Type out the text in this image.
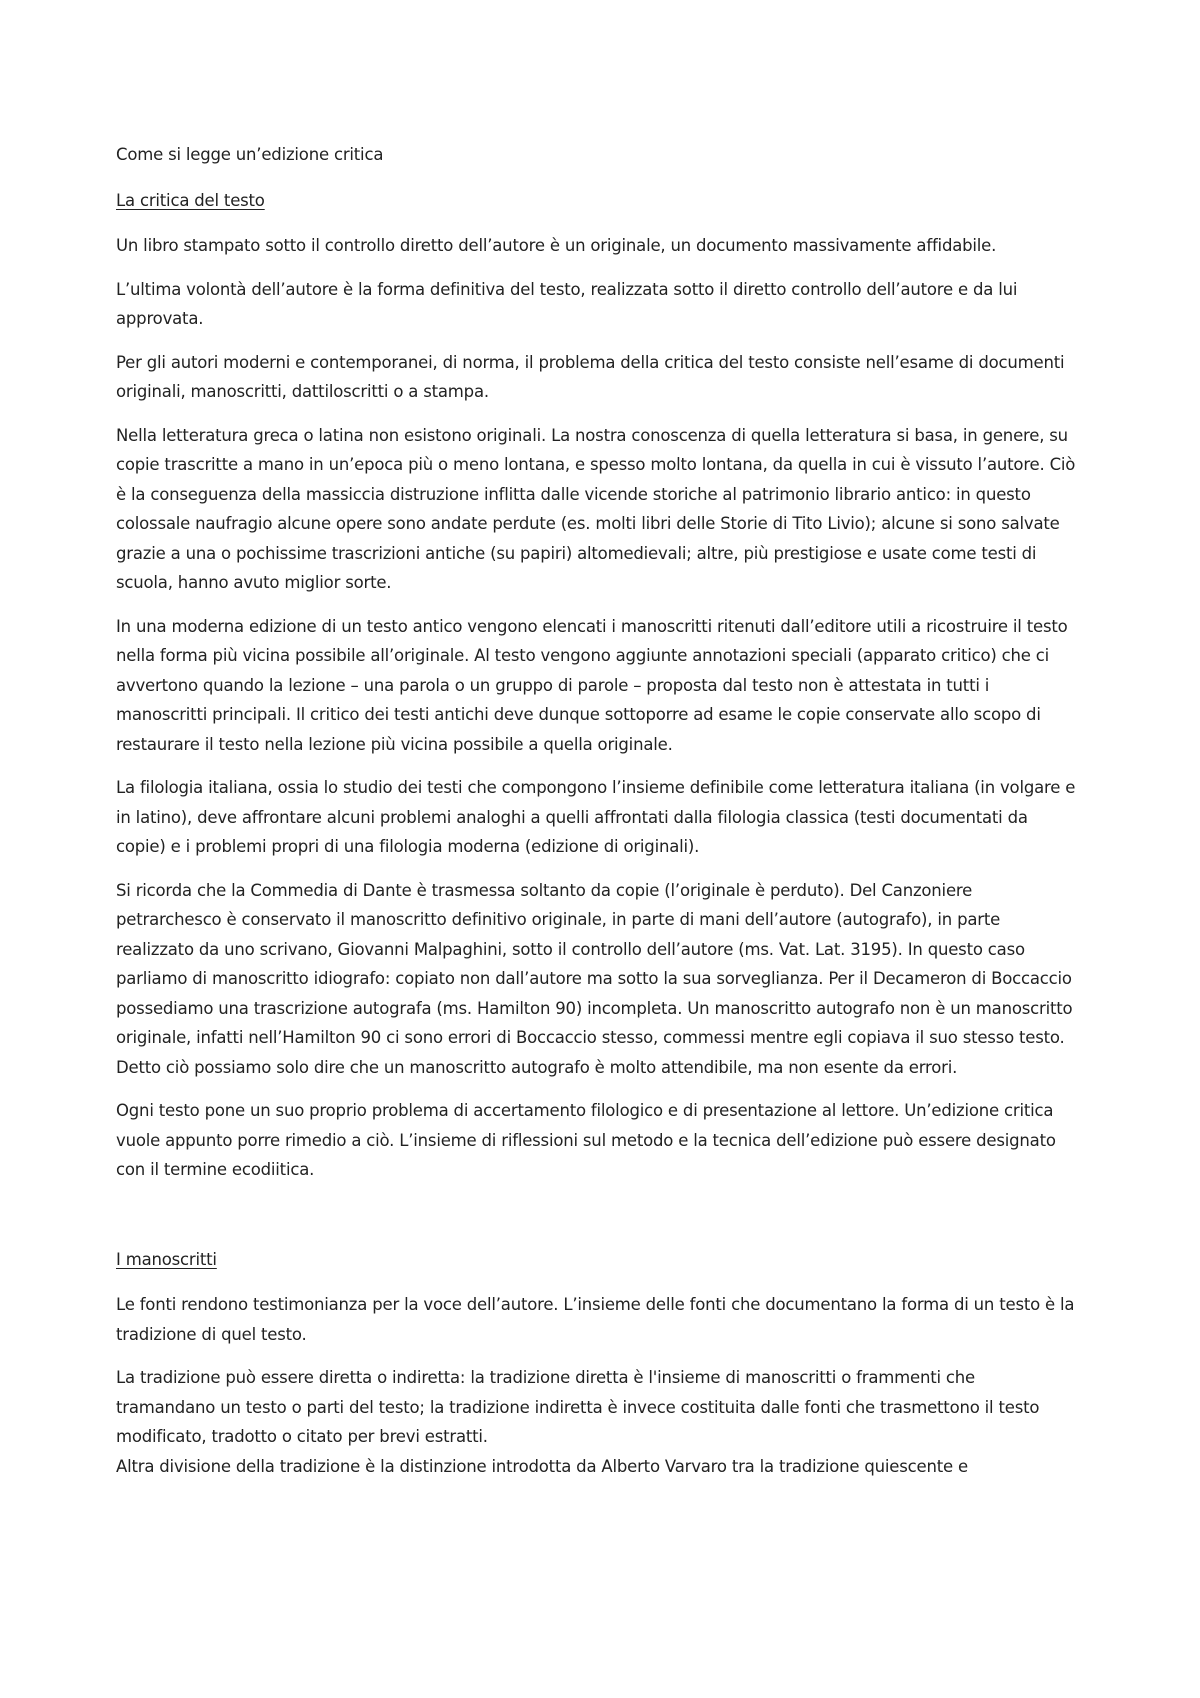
Come si legge un’edizione critica

La critica del testo

Un libro stampato sotto il controllo diretto dell’autore è un originale, un documento massivamente affidabile.

L’ultima volontà dell’autore è la forma definitiva del testo, realizzata sotto il diretto controllo dell’autore e da lui approvata.

Per gli autori moderni e contemporanei, di norma, il problema della critica del testo consiste nell’esame di documenti originali, manoscritti, dattiloscritti o a stampa.

Nella letteratura greca o latina non esistono originali. La nostra conoscenza di quella letteratura si basa, in genere, su copie trascritte a mano in un’epoca più o meno lontana, e spesso molto lontana, da quella in cui è vissuto l’autore. Ciò è la conseguenza della massiccia distruzione inflitta dalle vicende storiche al patrimonio librario antico: in questo colossale naufragio alcune opere sono andate perdute (es. molti libri delle Storie di Tito Livio); alcune si sono salvate grazie a una o pochissime trascrizioni antiche (su papiri) altomedievali; altre, più prestigiose e usate come testi di scuola, hanno avuto miglior sorte.

In una moderna edizione di un testo antico vengono elencati i manoscritti ritenuti dall’editore utili a ricostruire il testo nella forma più vicina possibile all’originale. Al testo vengono aggiunte annotazioni speciali (apparato critico) che ci avvertono quando la lezione – una parola o un gruppo di parole – proposta dal testo non è attestata in tutti i manoscritti principali. Il critico dei testi antichi deve dunque sottoporre ad esame le copie conservate allo scopo di restaurare il testo nella lezione più vicina possibile a quella originale.

La filologia italiana, ossia lo studio dei testi che compongono l’insieme definibile come letteratura italiana (in volgare e in latino), deve affrontare alcuni problemi analoghi a quelli affrontati dalla filologia classica (testi documentati da copie) e i problemi propri di una filologia moderna (edizione di originali).

Si ricorda che la Commedia di Dante è trasmessa soltanto da copie (l’originale è perduto). Del Canzoniere petrarchesco è conservato il manoscritto definitivo originale, in parte di mani dell’autore (autografo), in parte realizzato da uno scrivano, Giovanni Malpaghini, sotto il controllo dell’autore (ms. Vat. Lat. 3195). In questo caso parliamo di manoscritto idiografo: copiato non dall’autore ma sotto la sua sorveglianza. Per il Decameron di Boccaccio possediamo una trascrizione autografa (ms. Hamilton 90) incompleta. Un manoscritto autografo non è un manoscritto originale, infatti nell’Hamilton 90 ci sono errori di Boccaccio stesso, commessi mentre egli copiava il suo stesso testo. Detto ciò possiamo solo dire che un manoscritto autografo è molto attendibile, ma non esente da errori.

Ogni testo pone un suo proprio problema di accertamento filologico e di presentazione al lettore. Un’edizione critica vuole appunto porre rimedio a ciò. L’insieme di riflessioni sul metodo e la tecnica dell’edizione può essere designato con il termine ecodiitica.

I manoscritti

Le fonti rendono testimonianza per la voce dell’autore. L’insieme delle fonti che documentano la forma di un testo è la tradizione di quel testo.

La tradizione può essere diretta o indiretta: la tradizione diretta è l'insieme di manoscritti o frammenti che tramandano un testo o parti del testo; la tradizione indiretta è invece costituita dalle fonti che trasmettono il testo modificato, tradotto o citato per brevi estratti.

Altra divisione della tradizione è la distinzione introdotta da Alberto Varvaro tra la tradizione quiescente e
